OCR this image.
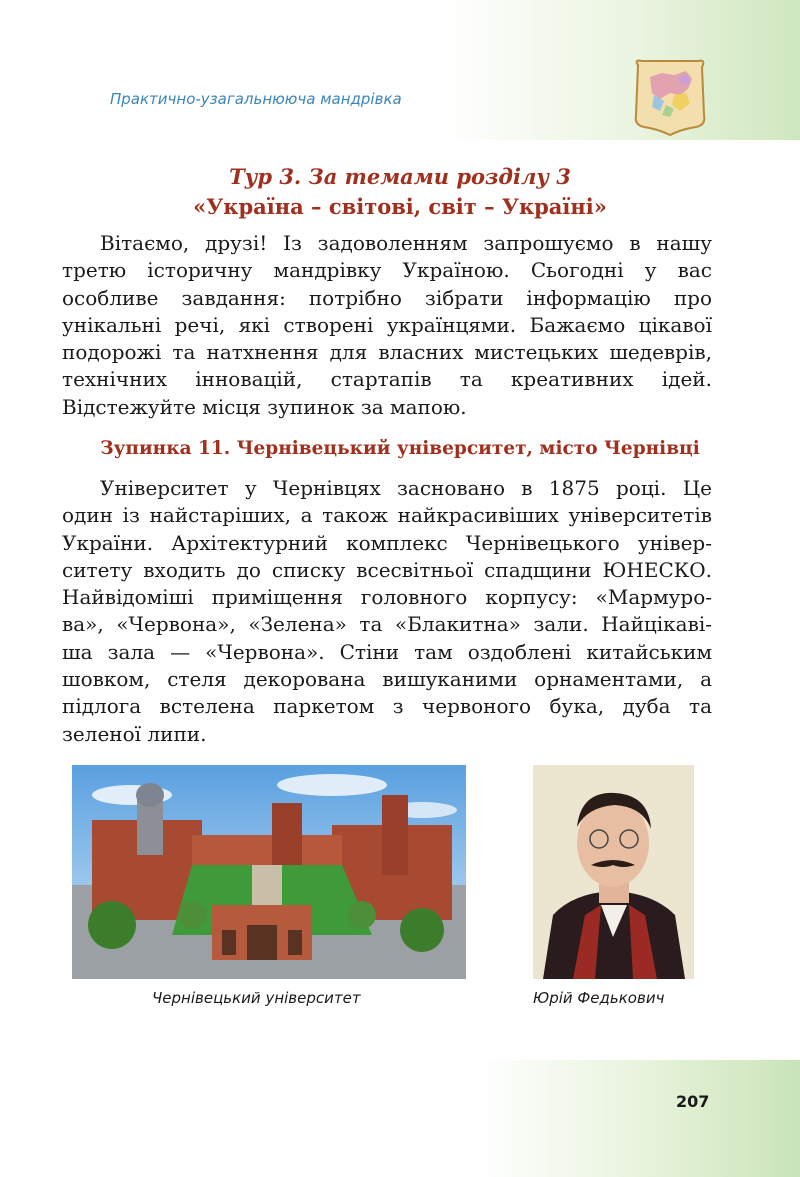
Практично-узагальнююча мандрівка
Тур 3. За темами розділу 3
«Україна – світові, світ – Україні»
Вітаємо, друзі! Із задоволенням запрошуємо в нашу
третю історичну мандрівку Україною. Сьогодні у вас
особливе завдання: потрібно зібрати інформацію про
унікальні речі, які створені українцями. Бажаємо цікавої
подорожі та натхнення для власних мистецьких шедеврів,
технічних інновацій, стартапів та креативних ідей.
Відстежуйте місця зупинок за мапою.
Зупинка 11. Чернівецький університет, місто Чернівці
Університет у Чернівцях засновано в 1875 році. Це
один із найстаріших, а також найкрасивіших університетів
України. Архітектурний комплекс Чернівецького універ-
ситету входить до списку всесвітньої спадщини ЮНЕСКО.
Найвідоміші приміщення головного корпусу: «Мармуро-
ва», «Червона», «Зелена» та «Блакитна» зали. Найцікаві-
ша зала — «Червона». Стіни там оздоблені китайським
шовком, стеля декорована вишуканими орнаментами, а
підлога встелена паркетом з червоного бука, дуба та
зеленої липи.
Чернівецький університет	Юрій Федькович
207
